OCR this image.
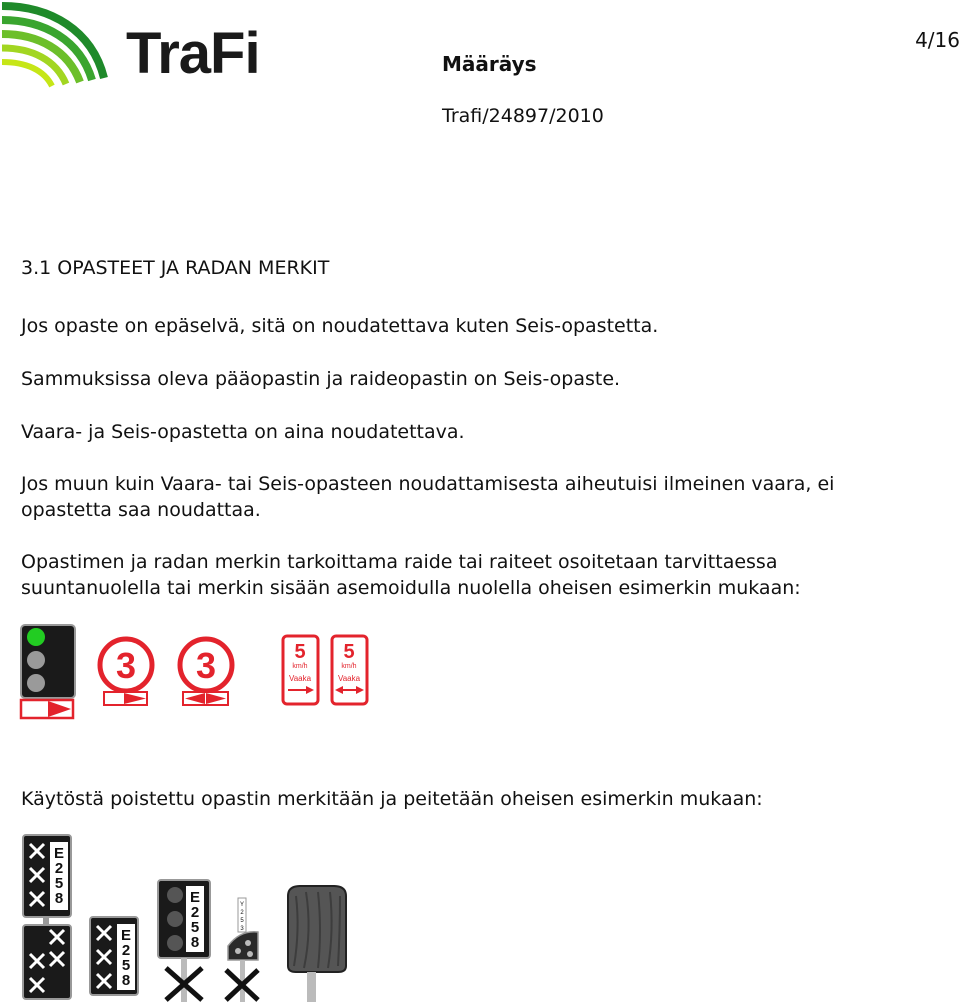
TraFi	4/16
Määräys
Trafi/24897/2010
3.1 OPASTEET JA RADAN MERKIT
Jos opaste on epäselvä, sitä on noudatettava kuten Seis-opastetta.
Sammuksissa oleva pääopastin ja raideopastin on Seis-opaste.
Vaara- ja Seis-opastetta on aina noudatettava.
Jos muun kuin Vaara- tai Seis-opasteen noudattamisesta aiheutuisi ilmeinen vaara, ei
opastetta saa noudattaa.
Opastimen ja radan merkin tarkoittama raide tai raiteet osoitetaan tarvittaessa
suuntanuolella tai merkin sisään asemoidulla nuolella oheisen esimerkin mukaan:
3 3	5
km/h
Vaaka
5
km/h
Vaaka
Käytöstä poistettu opastin merkitään ja peitetään oheisen esimerkin mukaan:
E
2
5
8
E
2
5
8
E
2
5
8
Y
2
5
3
